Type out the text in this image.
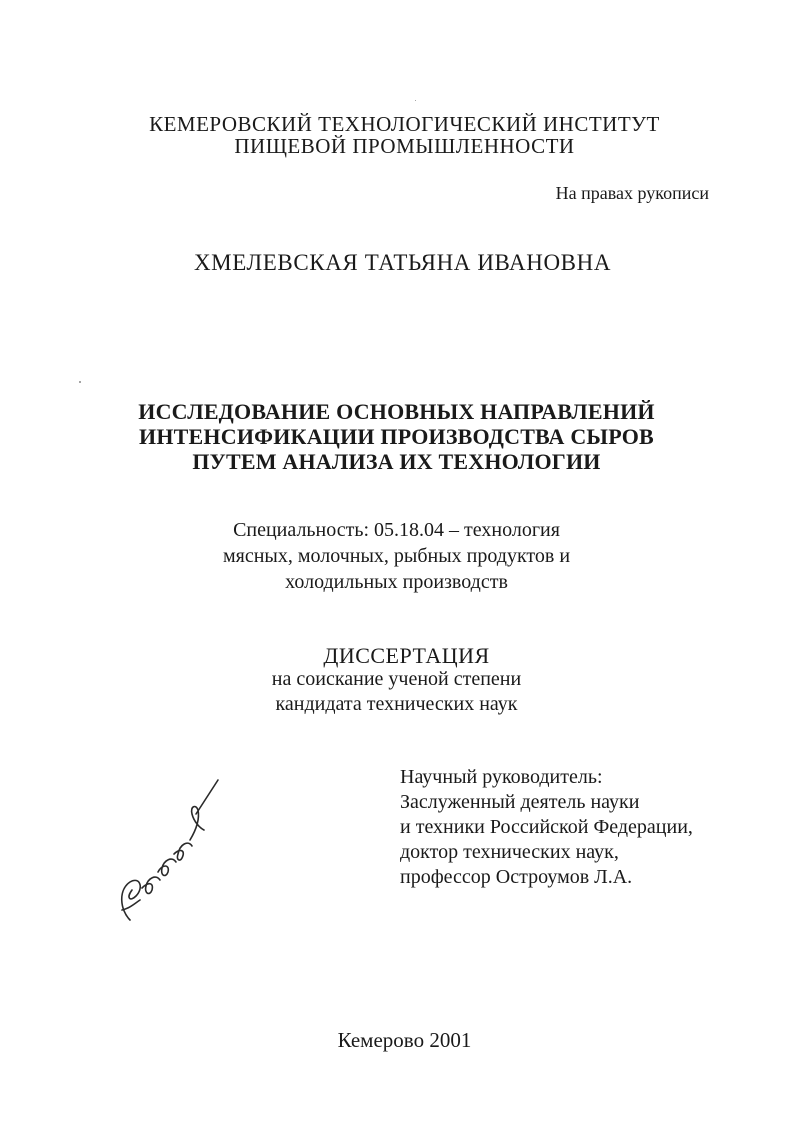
КЕМЕРОВСКИЙ ТЕХНОЛОГИЧЕСКИЙ ИНСТИТУТ
ПИЩЕВОЙ ПРОМЫШЛЕННОСТИ
На правах рукописи
ХМЕЛЕВСКАЯ ТАТЬЯНА ИВАНОВНА
ИССЛЕДОВАНИЕ ОСНОВНЫХ НАПРАВЛЕНИЙ
ИНТЕНСИФИКАЦИИ ПРОИЗВОДСТВА СЫРОВ
ПУТЕМ АНАЛИЗА ИХ ТЕХНОЛОГИИ
Специальность: 05.18.04 – технология
мясных, молочных, рыбных продуктов и
холодильных производств
ДИССЕРТАЦИЯ
на соискание ученой степени
кандидата технических наук
Научный руководитель:
Заслуженный деятель науки
и техники Российской Федерации,
доктор технических наук,
профессор Остроумов Л.А.
Кемерово 2001
